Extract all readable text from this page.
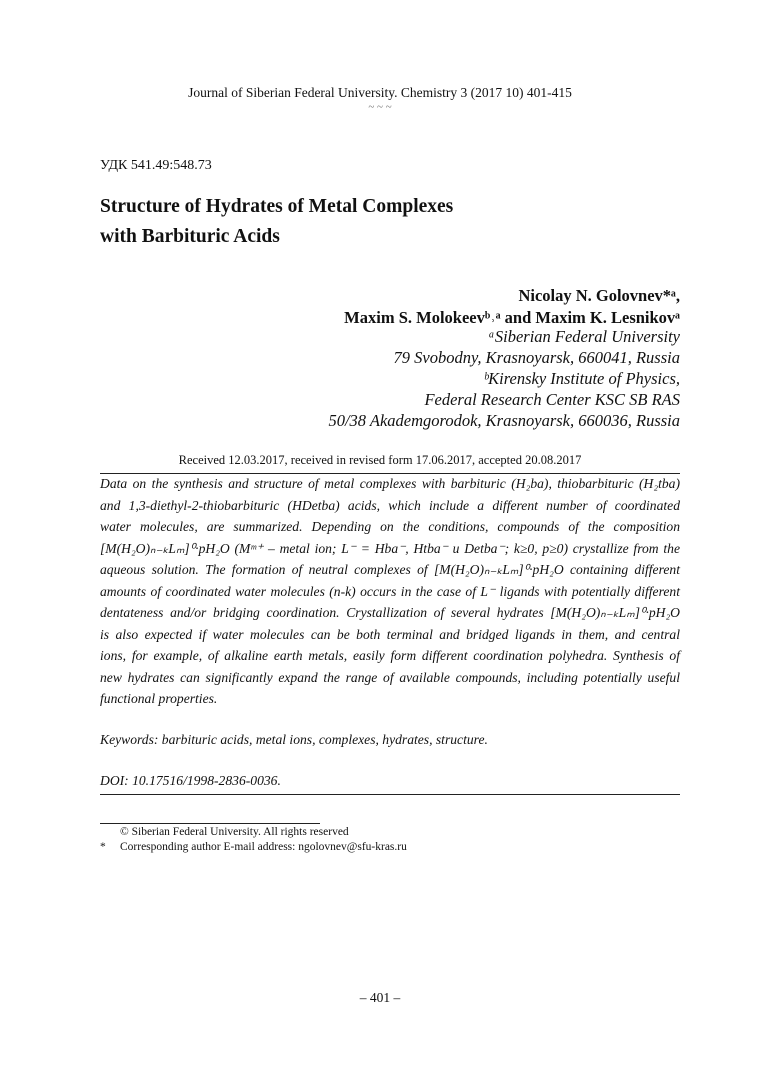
Journal of Siberian Federal University. Chemistry 3 (2017 10) 401-415
~ ~ ~
УДК 541.49:548.73
Structure of Hydrates of Metal Complexes
with Barbituric Acids
Nicolay N. Golovnev*ᵃ,
Maxim S. Molokeevᵇ˒ᵃ and Maxim K. Lesnikovᵃ
ᵃSiberian Federal University
79 Svobodny, Krasnoyarsk, 660041, Russia
ᵇKirensky Institute of Physics,
Federal Research Center KSC SB RAS
50/38 Akademgorodok, Krasnoyarsk, 660036, Russia
Received 12.03.2017, received in revised form 17.06.2017, accepted 20.08.2017
Data on the synthesis and structure of metal complexes with barbituric (H₂ba), thiobarbituric (H₂tba)
and 1,3-diethyl-2-thiobarbituric (HDetba) acids, which include a different number of coordinated
water molecules, are summarized. Depending on the conditions, compounds of the composition
[M(H₂O)ₙ₋ₖLₘ]⁰·pH₂O (Mᵐ⁺ – metal ion; L⁻ = Hba⁻, Htba⁻ и Detba⁻; k≥0, p≥0) crystallize from the
aqueous solution. The formation of neutral complexes of [M(H₂O)ₙ₋ₖLₘ]⁰·pH₂O containing different
amounts of coordinated water molecules (n-k) occurs in the case of L⁻ ligands with potentially different
dentateness and/or bridging coordination. Crystallization of several hydrates [M(H₂O)ₙ₋ₖLₘ]⁰·pH₂O
is also expected if water molecules can be both terminal and bridged ligands in them, and central
ions, for example, of alkaline earth metals, easily form different coordination polyhedra. Synthesis of
new hydrates can significantly expand the range of available compounds, including potentially useful
functional properties.
Keywords: barbituric acids, metal ions, complexes, hydrates, structure.
DOI: 10.17516/1998-2836-0036.
© Siberian Federal University. All rights reserved
* Corresponding author E-mail address: ngolovnev@sfu-kras.ru
– 401 –
